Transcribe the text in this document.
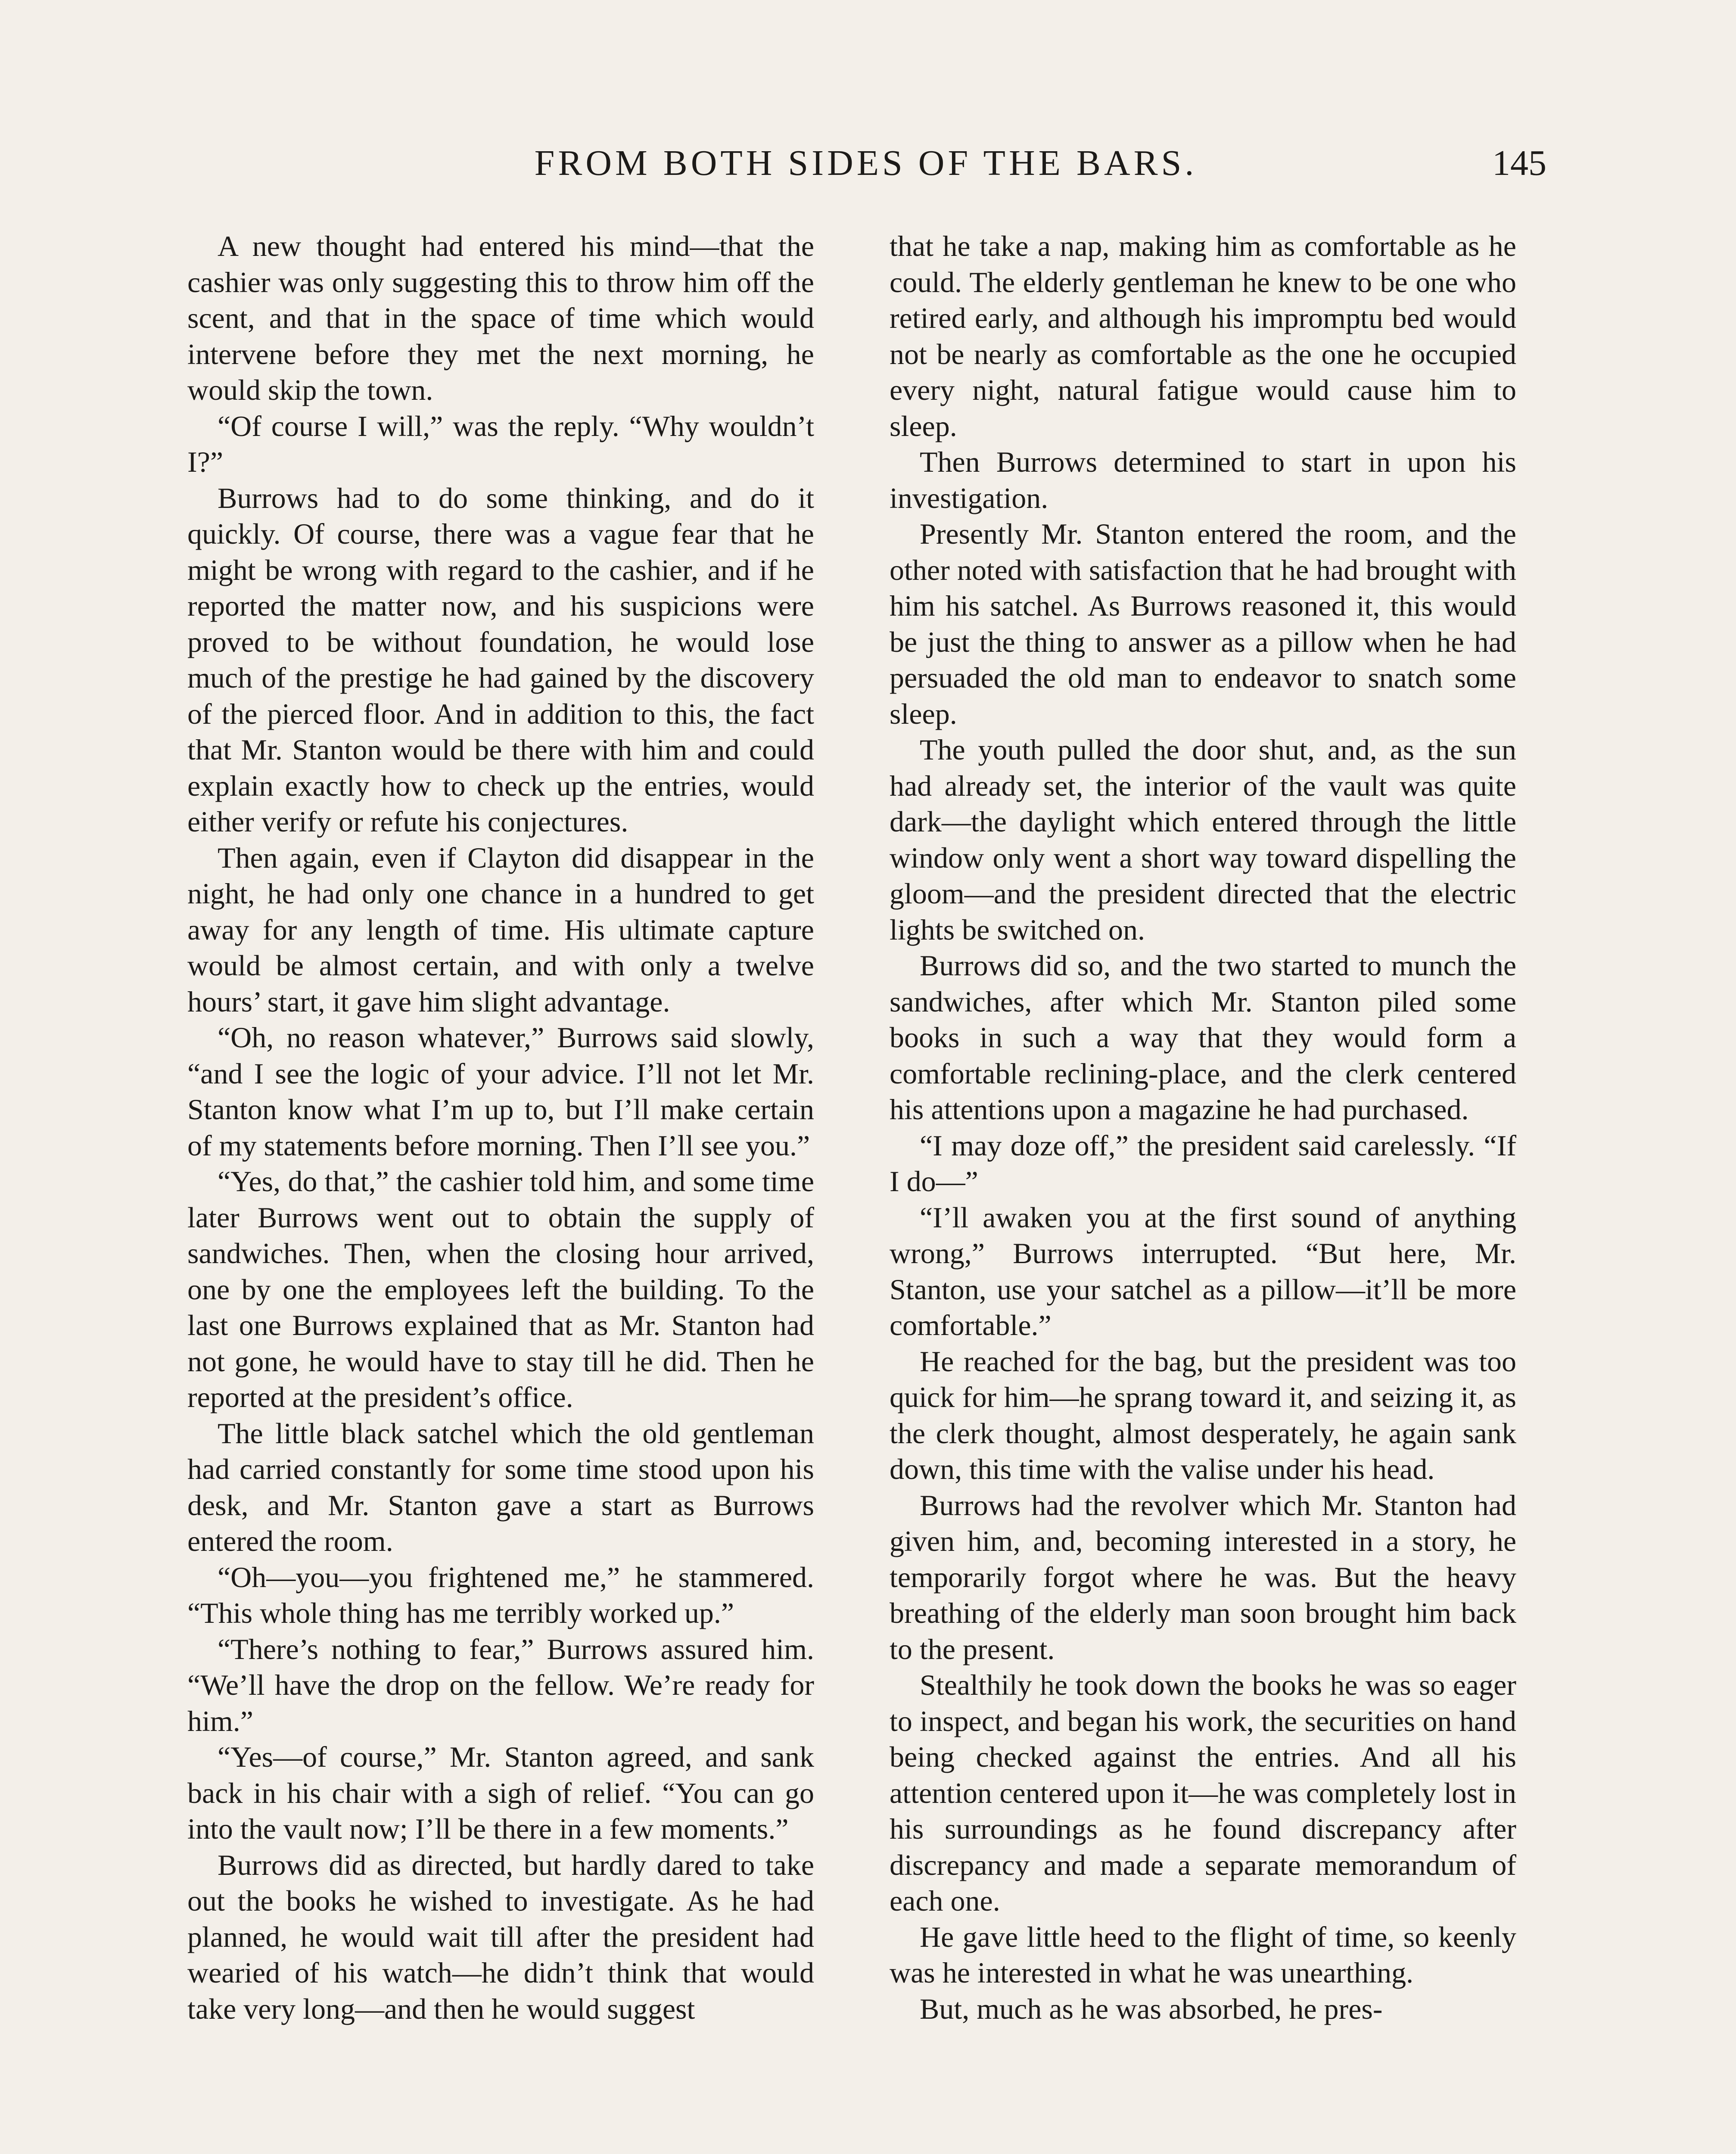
FROM BOTH SIDES OF THE BARS.	145

A new thought had entered his mind—that the cashier was only suggesting this to throw him off the scent, and that in the space of time which would intervene before they met the next morning, he would skip the town.

“Of course I will,” was the reply. “Why wouldn’t I?”

Burrows had to do some thinking, and do it quickly. Of course, there was a vague fear that he might be wrong with regard to the cashier, and if he reported the matter now, and his suspicions were proved to be without foundation, he would lose much of the prestige he had gained by the discovery of the pierced floor. And in addition to this, the fact that Mr. Stanton would be there with him and could explain exactly how to check up the entries, would either verify or refute his conjectures.

Then again, even if Clayton did disappear in the night, he had only one chance in a hundred to get away for any length of time. His ultimate capture would be almost certain, and with only a twelve hours’ start, it gave him slight advantage.

“Oh, no reason whatever,” Burrows said slowly, “and I see the logic of your advice. I’ll not let Mr. Stanton know what I’m up to, but I’ll make certain of my statements before morning. Then I’ll see you.”

“Yes, do that,” the cashier told him, and some time later Burrows went out to obtain the supply of sandwiches. Then, when the closing hour arrived, one by one the employees left the building. To the last one Burrows explained that as Mr. Stanton had not gone, he would have to stay till he did. Then he reported at the president’s office.

The little black satchel which the old gentleman had carried constantly for some time stood upon his desk, and Mr. Stanton gave a start as Burrows entered the room.

“Oh—you—you frightened me,” he stammered. “This whole thing has me terribly worked up.”

“There’s nothing to fear,” Burrows assured him. “We’ll have the drop on the fellow. We’re ready for him.”

“Yes—of course,” Mr. Stanton agreed, and sank back in his chair with a sigh of relief. “You can go into the vault now; I’ll be there in a few moments.”

Burrows did as directed, but hardly dared to take out the books he wished to investigate. As he had planned, he would wait till after the president had wearied of his watch—he didn’t think that would take very long—and then he would suggest

that he take a nap, making him as comfortable as he could. The elderly gentleman he knew to be one who retired early, and although his impromptu bed would not be nearly as comfortable as the one he occupied every night, natural fatigue would cause him to sleep.

Then Burrows determined to start in upon his investigation.

Presently Mr. Stanton entered the room, and the other noted with satisfaction that he had brought with him his satchel. As Burrows reasoned it, this would be just the thing to answer as a pillow when he had persuaded the old man to endeavor to snatch some sleep.

The youth pulled the door shut, and, as the sun had already set, the interior of the vault was quite dark—the daylight which entered through the little window only went a short way toward dispelling the gloom—and the president directed that the electric lights be switched on.

Burrows did so, and the two started to munch the sandwiches, after which Mr. Stanton piled some books in such a way that they would form a comfortable reclining-place, and the clerk centered his attentions upon a magazine he had purchased.

“I may doze off,” the president said carelessly. “If I do—”

“I’ll awaken you at the first sound of anything wrong,” Burrows interrupted. “But here, Mr. Stanton, use your satchel as a pillow—it’ll be more comfortable.”

He reached for the bag, but the president was too quick for him—he sprang toward it, and seizing it, as the clerk thought, almost desperately, he again sank down, this time with the valise under his head.

Burrows had the revolver which Mr. Stanton had given him, and, becoming interested in a story, he temporarily forgot where he was. But the heavy breathing of the elderly man soon brought him back to the present.

Stealthily he took down the books he was so eager to inspect, and began his work, the securities on hand being checked against the entries. And all his attention centered upon it—he was completely lost in his surroundings as he found discrepancy after discrepancy and made a separate memorandum of each one.

He gave little heed to the flight of time, so keenly was he interested in what he was unearthing.

But, much as he was absorbed, he pres-
